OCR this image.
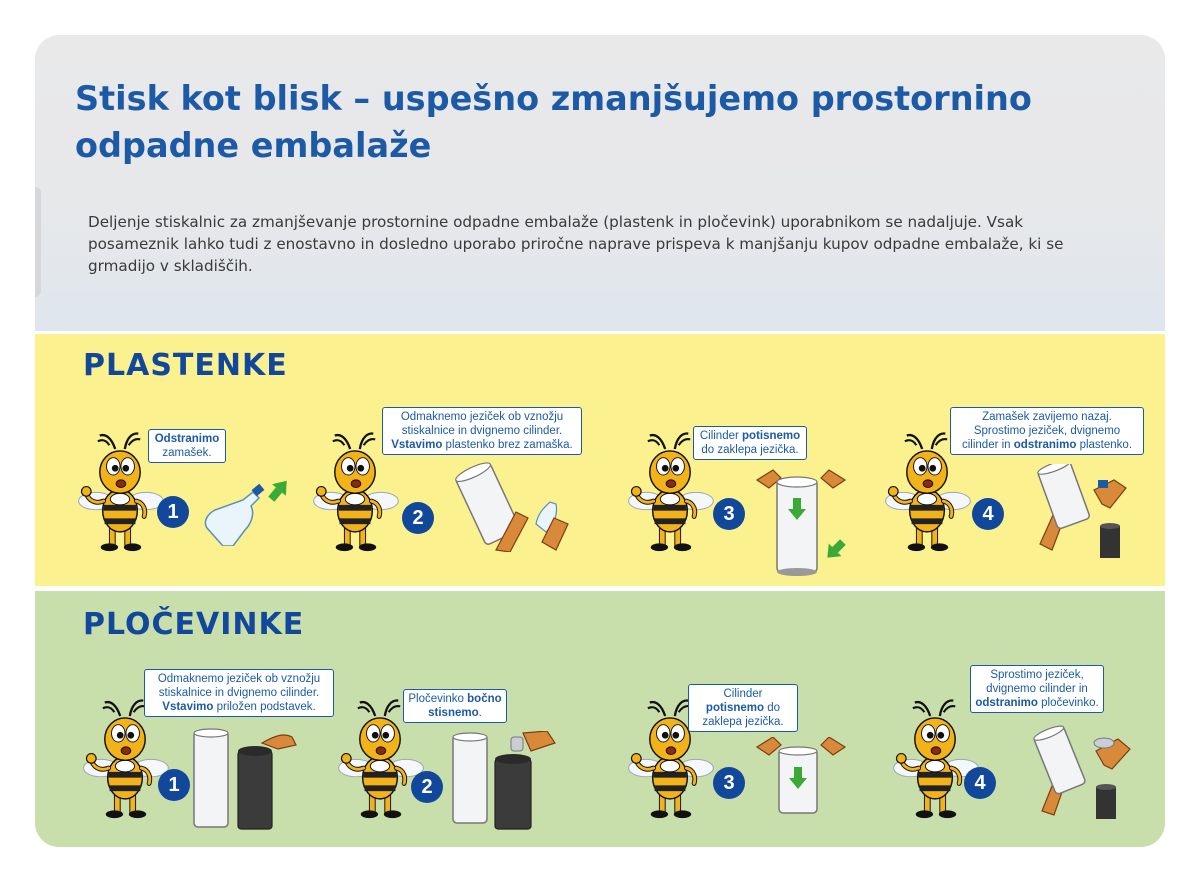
Stisk kot blisk – uspešno zmanjšujemo prostornino odpadne embalaže

Deljenje stiskalnic za zmanjševanje prostornine odpadne embalaže (plastenk in pločevink) uporabnikom se nadaljuje. Vsak posameznik lahko tudi z enostavno in dosledno uporabo priročne naprave prispeva k manjšanju kupov odpadne embalaže, ki se grmadijo v skladiščih.

PLASTENKE
Odstranimo zamašek.
1
Odmaknemo jeziček ob vznožju stiskalnice in dvignemo cilinder. Vstavimo plastenko brez zamaška.
2
Cilinder potisnemo do zaklepa jezička.
3
Zamašek zavijemo nazaj. Sprostimo jeziček, dvignemo cilinder in odstranimo plastenko.
4
PLOČEVINKE
Odmaknemo jeziček ob vznožju stiskalnice in dvignemo cilinder. Vstavimo priložen podstavek.
1
Pločevinko bočno stisnemo.
2
Cilinder potisnemo do zaklepa jezička.
3
Sprostimo jeziček, dvignemo cilinder in odstranimo pločevinko.
4
